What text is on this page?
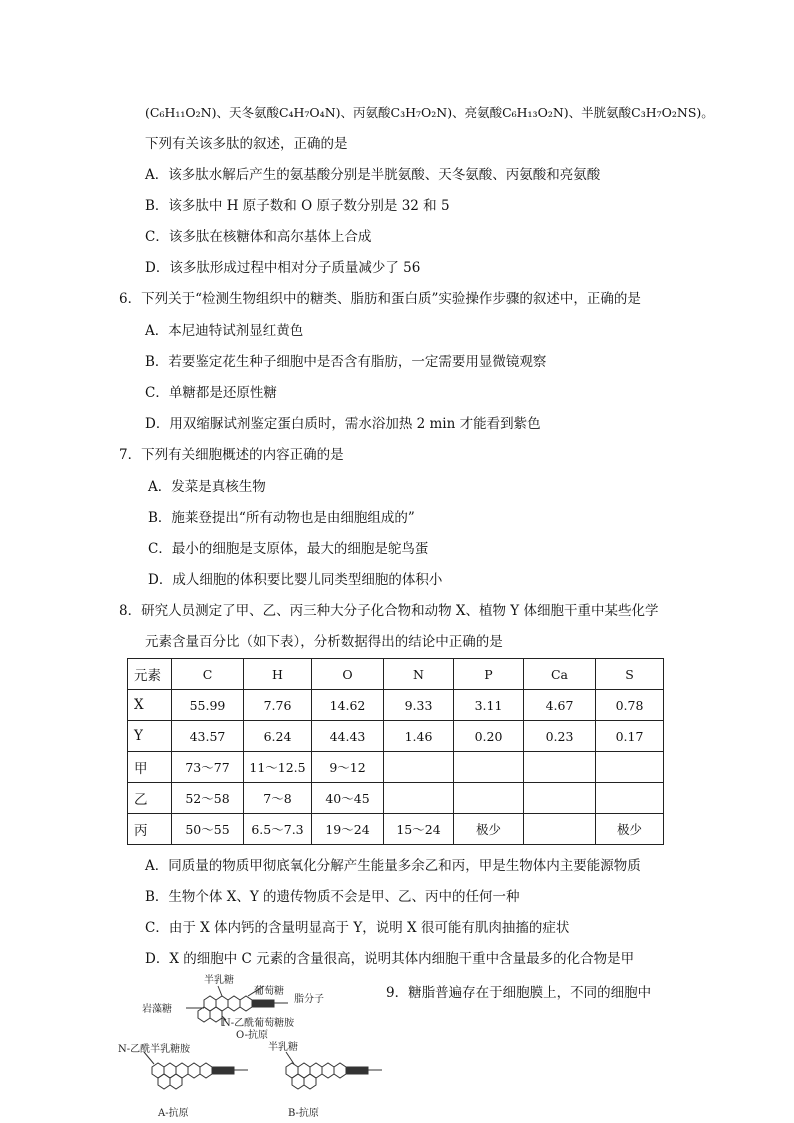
(C₆H₁₁O₂N)、天冬氨酸C₄H₇O₄N)、丙氨酸C₃H₇O₂N)、亮氨酸C₆H₁₃O₂N)、半胱氨酸C₃H₇O₂NS)。
下列有关该多肽的叙述，正确的是
A．该多肽水解后产生的氨基酸分别是半胱氨酸、天冬氨酸、丙氨酸和亮氨酸
B．该多肽中 H 原子数和 O 原子数分别是 32 和 5
C．该多肽在核糖体和高尔基体上合成
D．该多肽形成过程中相对分子质量减少了 56
6．下列关于“检测生物组织中的糖类、脂肪和蛋白质”实验操作步骤的叙述中，正确的是
A．本尼迪特试剂显红黄色
B．若要鉴定花生种子细胞中是否含有脂肪，一定需要用显微镜观察
C．单糖都是还原性糖
D．用双缩脲试剂鉴定蛋白质时，需水浴加热 2 min 才能看到紫色
7．下列有关细胞概述的内容正确的是
A．发菜是真核生物
B．施莱登提出“所有动物也是由细胞组成的”
C．最小的细胞是支原体，最大的细胞是鸵鸟蛋
D．成人细胞的体积要比婴儿同类型细胞的体积小
8．研究人员测定了甲、乙、丙三种大分子化合物和动物 X、植物 Y 体细胞干重中某些化学
元素含量百分比（如下表），分析数据得出的结论中正确的是
元素	C	H	O	N	P	Ca	S
X	55.99	7.76	14.62	9.33	3.11	4.67	0.78
Y	43.57	6.24	44.43	1.46	0.20	0.23	0.17
甲	73～77	11～12.5	9～12				
乙	52～58	7～8	40～45				
丙	50～55	6.5～7.3	19～24	15～24	极少		极少
A．同质量的物质甲彻底氧化分解产生能量多余乙和丙，甲是生物体内主要能源物质
B．生物个体 X、Y 的遗传物质不会是甲、乙、丙中的任何一种
C．由于 X 体内钙的含量明显高于 Y，说明 X 很可能有肌肉抽搐的症状
D．X 的细胞中 C 元素的含量很高，说明其体内细胞干重中含量最多的化合物是甲
9．糖脂普遍存在于细胞膜上，不同的细胞中
半乳糖
葡萄糖
脂分子
岩藻糖
N-乙酰葡萄糖胺
O-抗原
N-乙酰半乳糖胺	半乳糖
A-抗原	B-抗原
